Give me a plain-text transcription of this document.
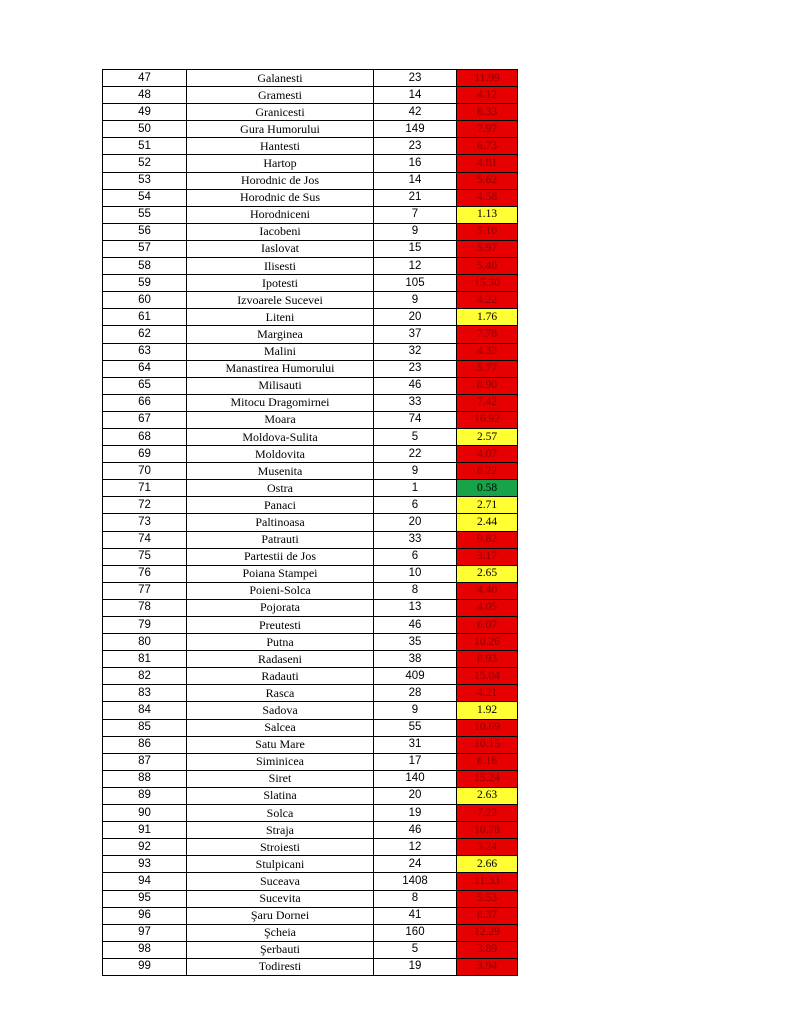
47	Galanesti	23	11.99
48	Gramesti	14	4.12
49	Granicesti	42	8.33
50	Gura Humorului	149	7.97
51	Hantesti	23	6.73
52	Hartop	16	4.81
53	Horodnic de Jos	14	5.62
54	Horodnic de Sus	21	4.58
55	Horodniceni	7	1.13
56	Iacobeni	9	5.10
57	Iaslovat	15	5.97
58	Ilisesti	12	5.40
59	Ipotesti	105	15.30
60	Izvoarele Sucevei	9	4.22
61	Liteni	20	1.76
62	Marginea	37	7.78
63	Malini	32	4.33
64	Manastirea Humorului	23	5.77
65	Milisauti	46	8.90
66	Mitocu Dragomirnei	33	7.42
67	Moara	74	16.92
68	Moldova-Sulita	5	2.57
69	Moldovita	22	4.07
70	Musenita	9	8.22
71	Ostra	1	0.58
72	Panaci	6	2.71
73	Paltinoasa	20	2.44
74	Patrauti	33	9.82
75	Partestii de Jos	6	3.17
76	Poiana Stampei	10	2.65
77	Poieni-Solca	8	4.40
78	Pojorata	13	4.05
79	Preutesti	46	6.07
80	Putna	35	10.26
81	Radaseni	38	8.93
82	Radauti	409	15.04
83	Rasca	28	4.21
84	Sadova	9	1.92
85	Salcea	55	10.69
86	Satu Mare	31	10.15
87	Siminicea	17	6.16
88	Siret	140	15.24
89	Slatina	20	2.63
90	Solca	19	7.22
91	Straja	46	10.78
92	Stroiesti	12	3.24
93	Stulpicani	24	2.66
94	Suceava	1408	11.33
95	Sucevita	8	5.53
96	Şaru Dornei	41	8.37
97	Şcheia	160	12.29
98	Şerbauti	5	3.89
99	Todiresti	19	3.94
